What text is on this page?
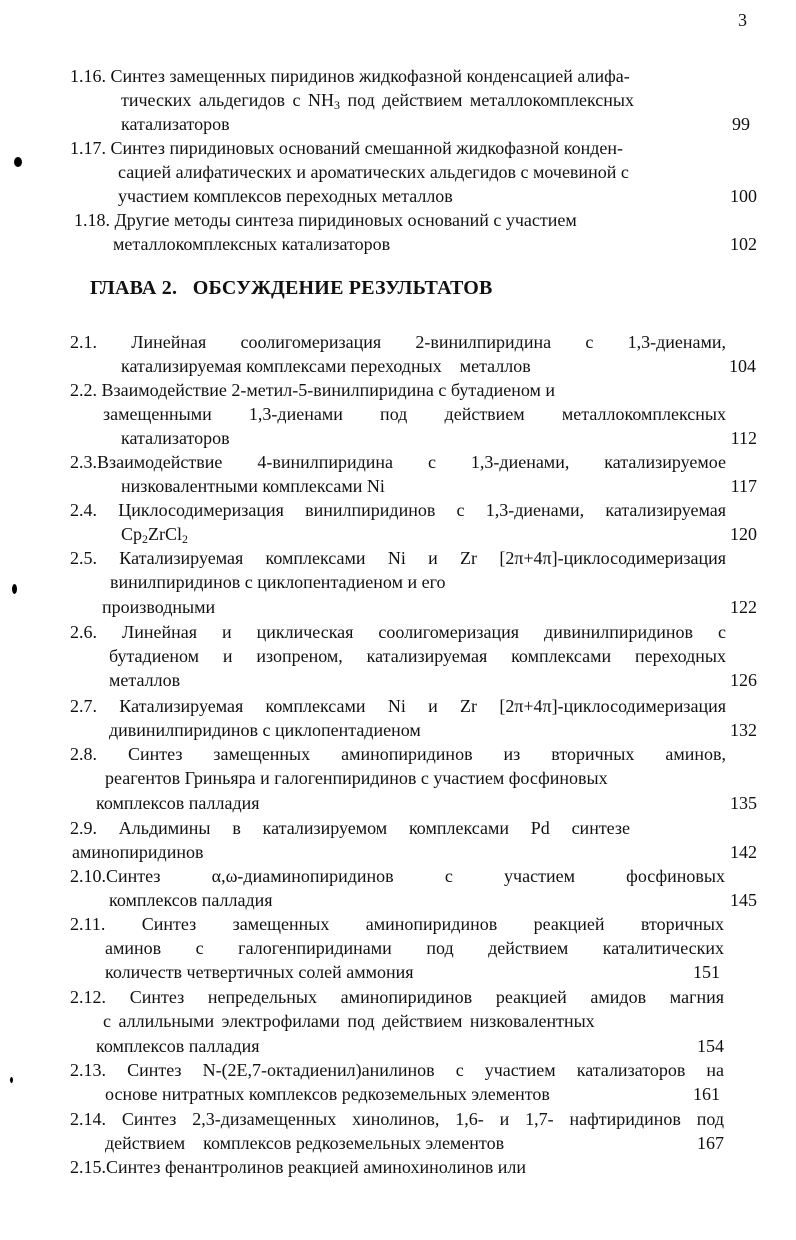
3
1.16. Синтез замещенных пиридинов жидкофазной конденсацией алифа-
тических альдегидов с $NH_3$ под действием металлокомплексных
катализаторов	99
1.17. Синтез пиридиновых оснований смешанной жидкофазной конден-
сацией алифатических и ароматических альдегидов с мочевиной с
участием комплексов переходных металлов	100
1.18. Другие методы синтеза пиридиновых оснований с участием
металлокомплексных катализаторов	102
ГЛАВА 2.   ОБСУЖДЕНИЕ РЕЗУЛЬТАТОВ
2.1. Линейная соолигомеризация 2-винилпиридина с 1,3-диенами,
катализируемая комплексами переходных    металлов	104
2.2. Взаимодействие 2-метил-5-винилпиридина с бутадиеном и
замещенными 1,3-диенами под действием металлокомплексных
катализаторов	112
2.3.Взаимодействие 4-винилпиридина с 1,3-диенами, катализируемое
низковалентными комплексами Ni	117
2.4. Циклосодимеризация винилпиридинов с 1,3-диенами, катализируемая
$Cp_2ZrCl_2$	120
2.5. Катализируемая комплексами Ni и Zr [2π+4π]-циклосодимеризация
винилпиридинов с циклопентадиеном и его
производными	122
2.6. Линейная и циклическая соолигомеризация дивинилпиридинов с
бутадиеном и изопреном, катализируемая комплексами переходных
металлов	126
2.7. Катализируемая комплексами Ni и Zr [2π+4π]-циклосодимеризация
дивинилпиридинов с циклопентадиеном	132
2.8. Синтез замещенных аминопиридинов из вторичных аминов,
реагентов Гриньяра и галогенпиридинов с участием фосфиновых
комплексов палладия	135
2.9. Альдимины в катализируемом комплексами Pd синтезе
аминопиридинов	142
2.10.Синтез α,ω-диаминопиридинов с участием фосфиновых
комплексов палладия	145
2.11. Синтез замещенных аминопиридинов реакцией вторичных
аминов с галогенпиридинами под действием каталитических
количеств четвертичных солей аммония	151
2.12. Синтез непредельных аминопиридинов реакцией амидов магния
с аллильными электрофилами под действием низковалентных
комплексов палладия	154
2.13. Синтез N-(2E,7-октадиенил)анилинов с участием катализаторов на
основе нитратных комплексов редкоземельных элементов	161
2.14. Синтез 2,3-дизамещенных хинолинов, 1,6- и 1,7- нафтиридинов под
действием    комплексов редкоземельных элементов	167
2.15.Синтез фенантролинов реакцией аминохинолинов или
